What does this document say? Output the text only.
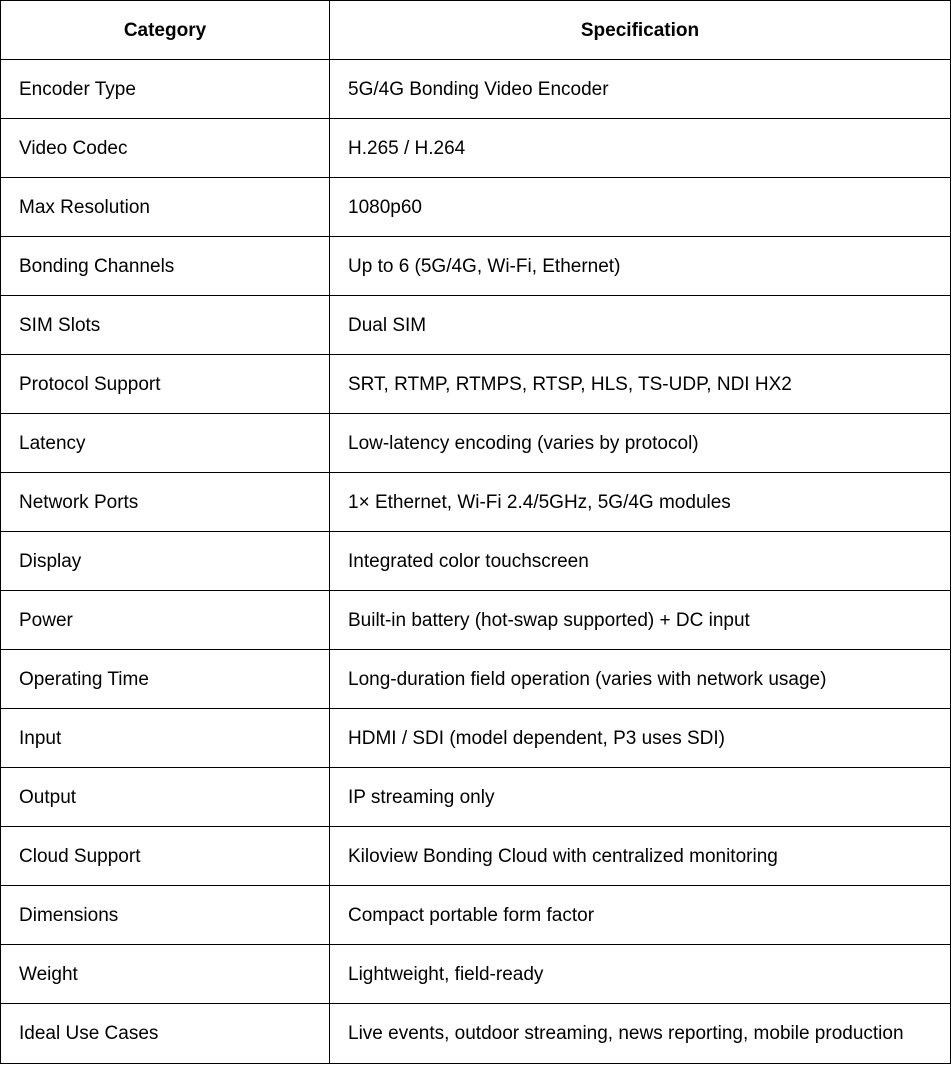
Category	Specification
Encoder Type	5G/4G Bonding Video Encoder
Video Codec	H.265 / H.264
Max Resolution	1080p60
Bonding Channels	Up to 6 (5G/4G, Wi-Fi, Ethernet)
SIM Slots	Dual SIM
Protocol Support	SRT, RTMP, RTMPS, RTSP, HLS, TS-UDP, NDI HX2
Latency	Low-latency encoding (varies by protocol)
Network Ports	1× Ethernet, Wi-Fi 2.4/5GHz, 5G/4G modules
Display	Integrated color touchscreen
Power	Built-in battery (hot-swap supported) + DC input
Operating Time	Long-duration field operation (varies with network usage)
Input	HDMI / SDI (model dependent, P3 uses SDI)
Output	IP streaming only
Cloud Support	Kiloview Bonding Cloud with centralized monitoring
Dimensions	Compact portable form factor
Weight	Lightweight, field-ready
Ideal Use Cases	Live events, outdoor streaming, news reporting, mobile production
